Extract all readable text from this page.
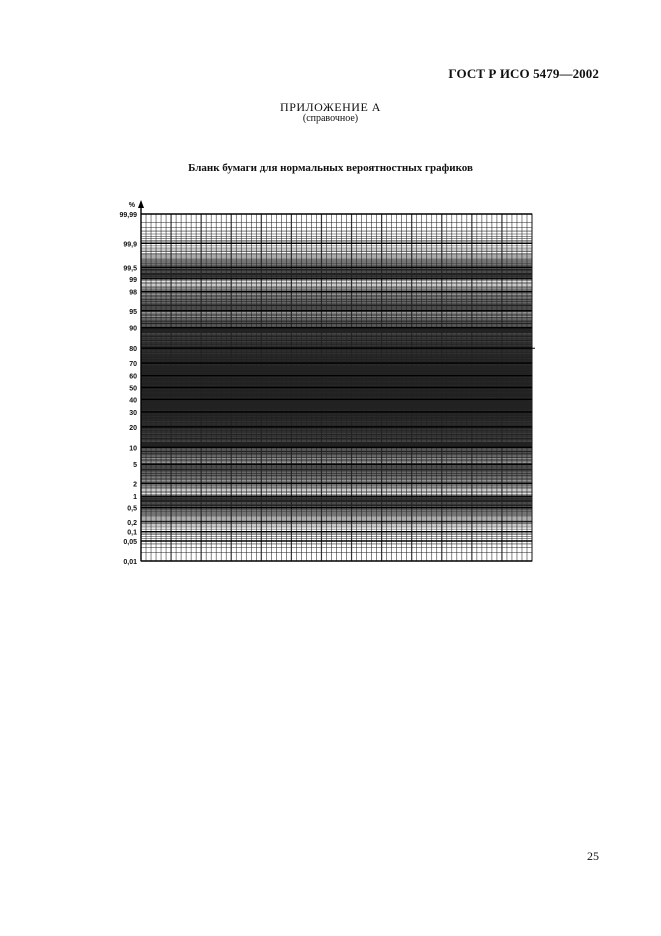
ГОСТ Р ИСО 5479—2002
ПРИЛОЖЕНИЕ А
(справочное)
Бланк бумаги для нормальных вероятностных графиков
99,99
99,9
99,5
99
98
95
90
80
70
60
50
40
30
20
10
5
2
1
0,5
0,2
0,1
0,05
0,01
%
25
